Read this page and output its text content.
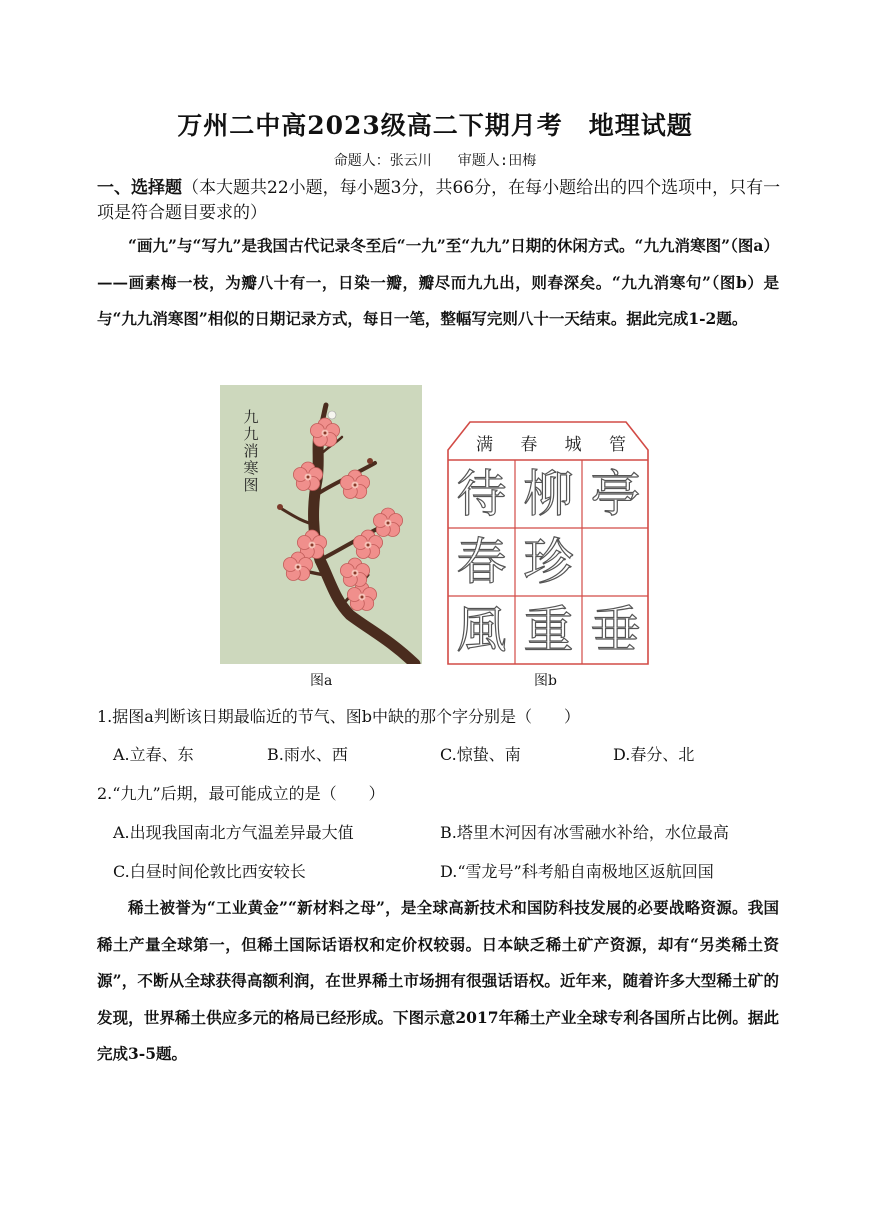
万州二中高2023级高二下期月考　地理试题
命题人：张云川 审题人:田梅
一、选择题（本大题共22小题，每小题3分，共66分，在每小题给出的四个选项中，只有一项是符合题目要求的）
“画九”与“写九”是我国古代记录冬至后“一九”至“九九”日期的休闲方式。“九九消寒图”（图a）——画素梅一枝，为瓣八十有一，日染一瓣，瓣尽而九九出，则春深矣。“九九消寒句”（图b）是与“九九消寒图”相似的日期记录方式，每日一笔，整幅写完则八十一天结束。据此完成1-2题。
九
九
消
寒
图
图a
满 春 城 管
待 柳 亭
春 珍
風 重 垂
图b
1.据图a判断该日期最临近的节气、图b中缺的那个字分别是（　　）
A.立春、东	B.雨水、西	C.惊蛰、南	D.春分、北
2.“九九”后期，最可能成立的是（　　）
A.出现我国南北方气温差异最大值	B.塔里木河因有冰雪融水补给，水位最高
C.白昼时间伦敦比西安较长	D.“雪龙号”科考船自南极地区返航回国
稀土被誉为“工业黄金”“新材料之母”，是全球高新技术和国防科技发展的必要战略资源。我国稀土产量全球第一，但稀土国际话语权和定价权较弱。日本缺乏稀土矿产资源，却有“另类稀土资源”，不断从全球获得高额利润，在世界稀土市场拥有很强话语权。近年来，随着许多大型稀土矿的发现，世界稀土供应多元的格局已经形成。下图示意2017年稀土产业全球专利各国所占比例。据此完成3-5题。
